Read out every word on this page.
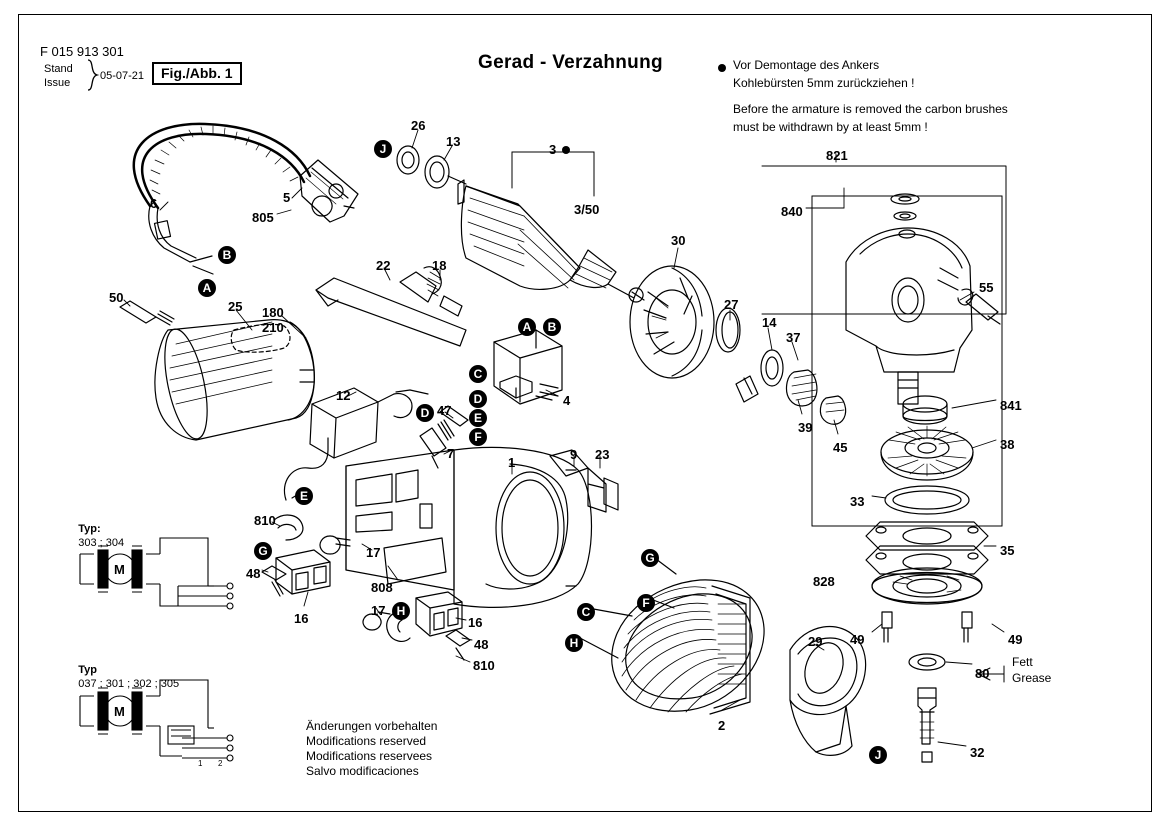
F 015 913 301
Stand
Issue
05-07-21	Fig./Abb. 1	Gerad - Verzahnung	Vor Demontage des Ankers
Kohlebürsten 5mm zurückziehen !
Before the armature is removed the carbon brushes
must be withdrawn by at least 5mm !
6	5
805
26
13
3
3/50
30
27
14
37
39
45
821
840
55
841
38
33
35
828
49	49
80
32
29
2
50
25 180
210
22	18
12
47
4
7
1
9 23
810
17
48
16
808
17
16
48
810
J
B
A
A	B
C
D
E
F
D
E
G	G
C
F
H
H
J

Typ:
303 ; 304

M

Typ
037 ; 301 ; 302 ; 305

M
1 2
Fett
Grease
Änderungen vorbehalten
Modifications reserved
Modifications reservees
Salvo modificaciones
